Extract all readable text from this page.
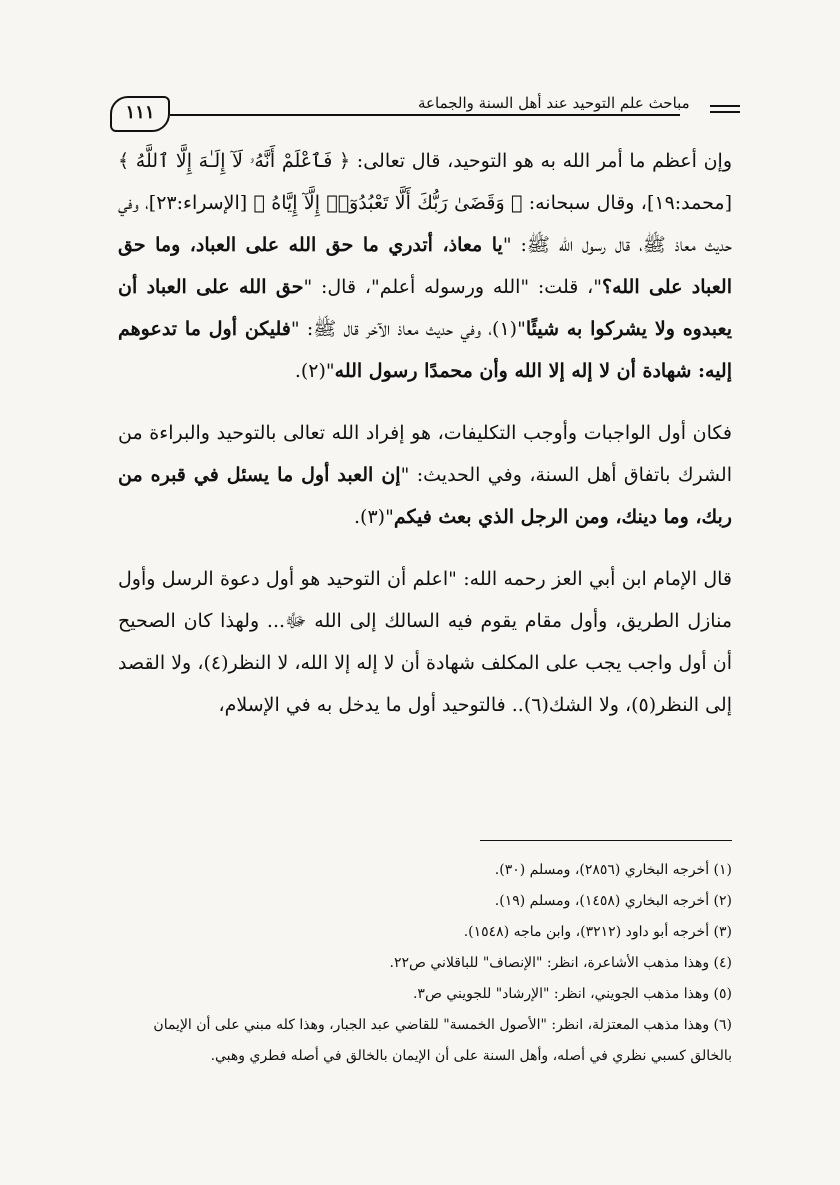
مباحث علم التوحيد عند أهل السنة والجماعة
١١١

وإن أعظم ما أمر الله به هو التوحيد، قال تعالى: ﴿ فَٱعْلَمْ أَنَّهُۥ لَآ إِلَـٰهَ إِلَّا ٱللَّهُ ﴾ [محمد:١٩]، وقال سبحانه: ﴿ وَقَضَىٰ رَبُّكَ أَلَّا تَعْبُدُوٓا۟ إِلَّآ إِيَّاهُ ﴾ [الإسراء:٢٣]، وفي حديث معاذ ﷺ، قال رسول الله ﷺ: "يا معاذ، أتدري ما حق الله على العباد، وما حق العباد على الله؟"، قلت: "الله ورسوله أعلم"، قال: "حق الله على العباد أن يعبدوه ولا يشركوا به شيئًا"(١)، وفي حديث معاذ الآخر قال ﷺ: "فليكن أول ما تدعوهم إليه: شهادة أن لا إله إلا الله وأن محمدًا رسول الله"(٢).

فكان أول الواجبات وأوجب التكليفات، هو إفراد الله تعالى بالتوحيد والبراءة من الشرك باتفاق أهل السنة، وفي الحديث: "إن العبد أول ما يسئل في قبره من ربك، وما دينك، ومن الرجل الذي بعث فيكم"(٣).

قال الإمام ابن أبي العز رحمه الله: "اعلم أن التوحيد هو أول دعوة الرسل وأول منازل الطريق، وأول مقام يقوم فيه السالك إلى الله ﷻ... ولهذا كان الصحيح أن أول واجب يجب على المكلف شهادة أن لا إله إلا الله، لا النظر(٤)، ولا القصد إلى النظر(٥)، ولا الشك(٦).. فالتوحيد أول ما يدخل به في الإسلام،

(١) أخرجه البخاري (٢٨٥٦)، ومسلم (٣٠).

(٢) أخرجه البخاري (١٤٥٨)، ومسلم (١٩).

(٣) أخرجه أبو داود (٣٢١٢)، وابن ماجه (١٥٤٨).

(٤) وهذا مذهب الأشاعرة، انظر: "الإنصاف" للباقلاني ص٢٢.

(٥) وهذا مذهب الجويني، انظر: "الإرشاد" للجويني ص٣.

(٦) وهذا مذهب المعتزلة، انظر: "الأصول الخمسة" للقاضي عبد الجبار، وهذا كله مبني على أن الإيمان بالخالق كسبي نظري في أصله، وأهل السنة على أن الإيمان بالخالق في أصله فطري وهبي.
